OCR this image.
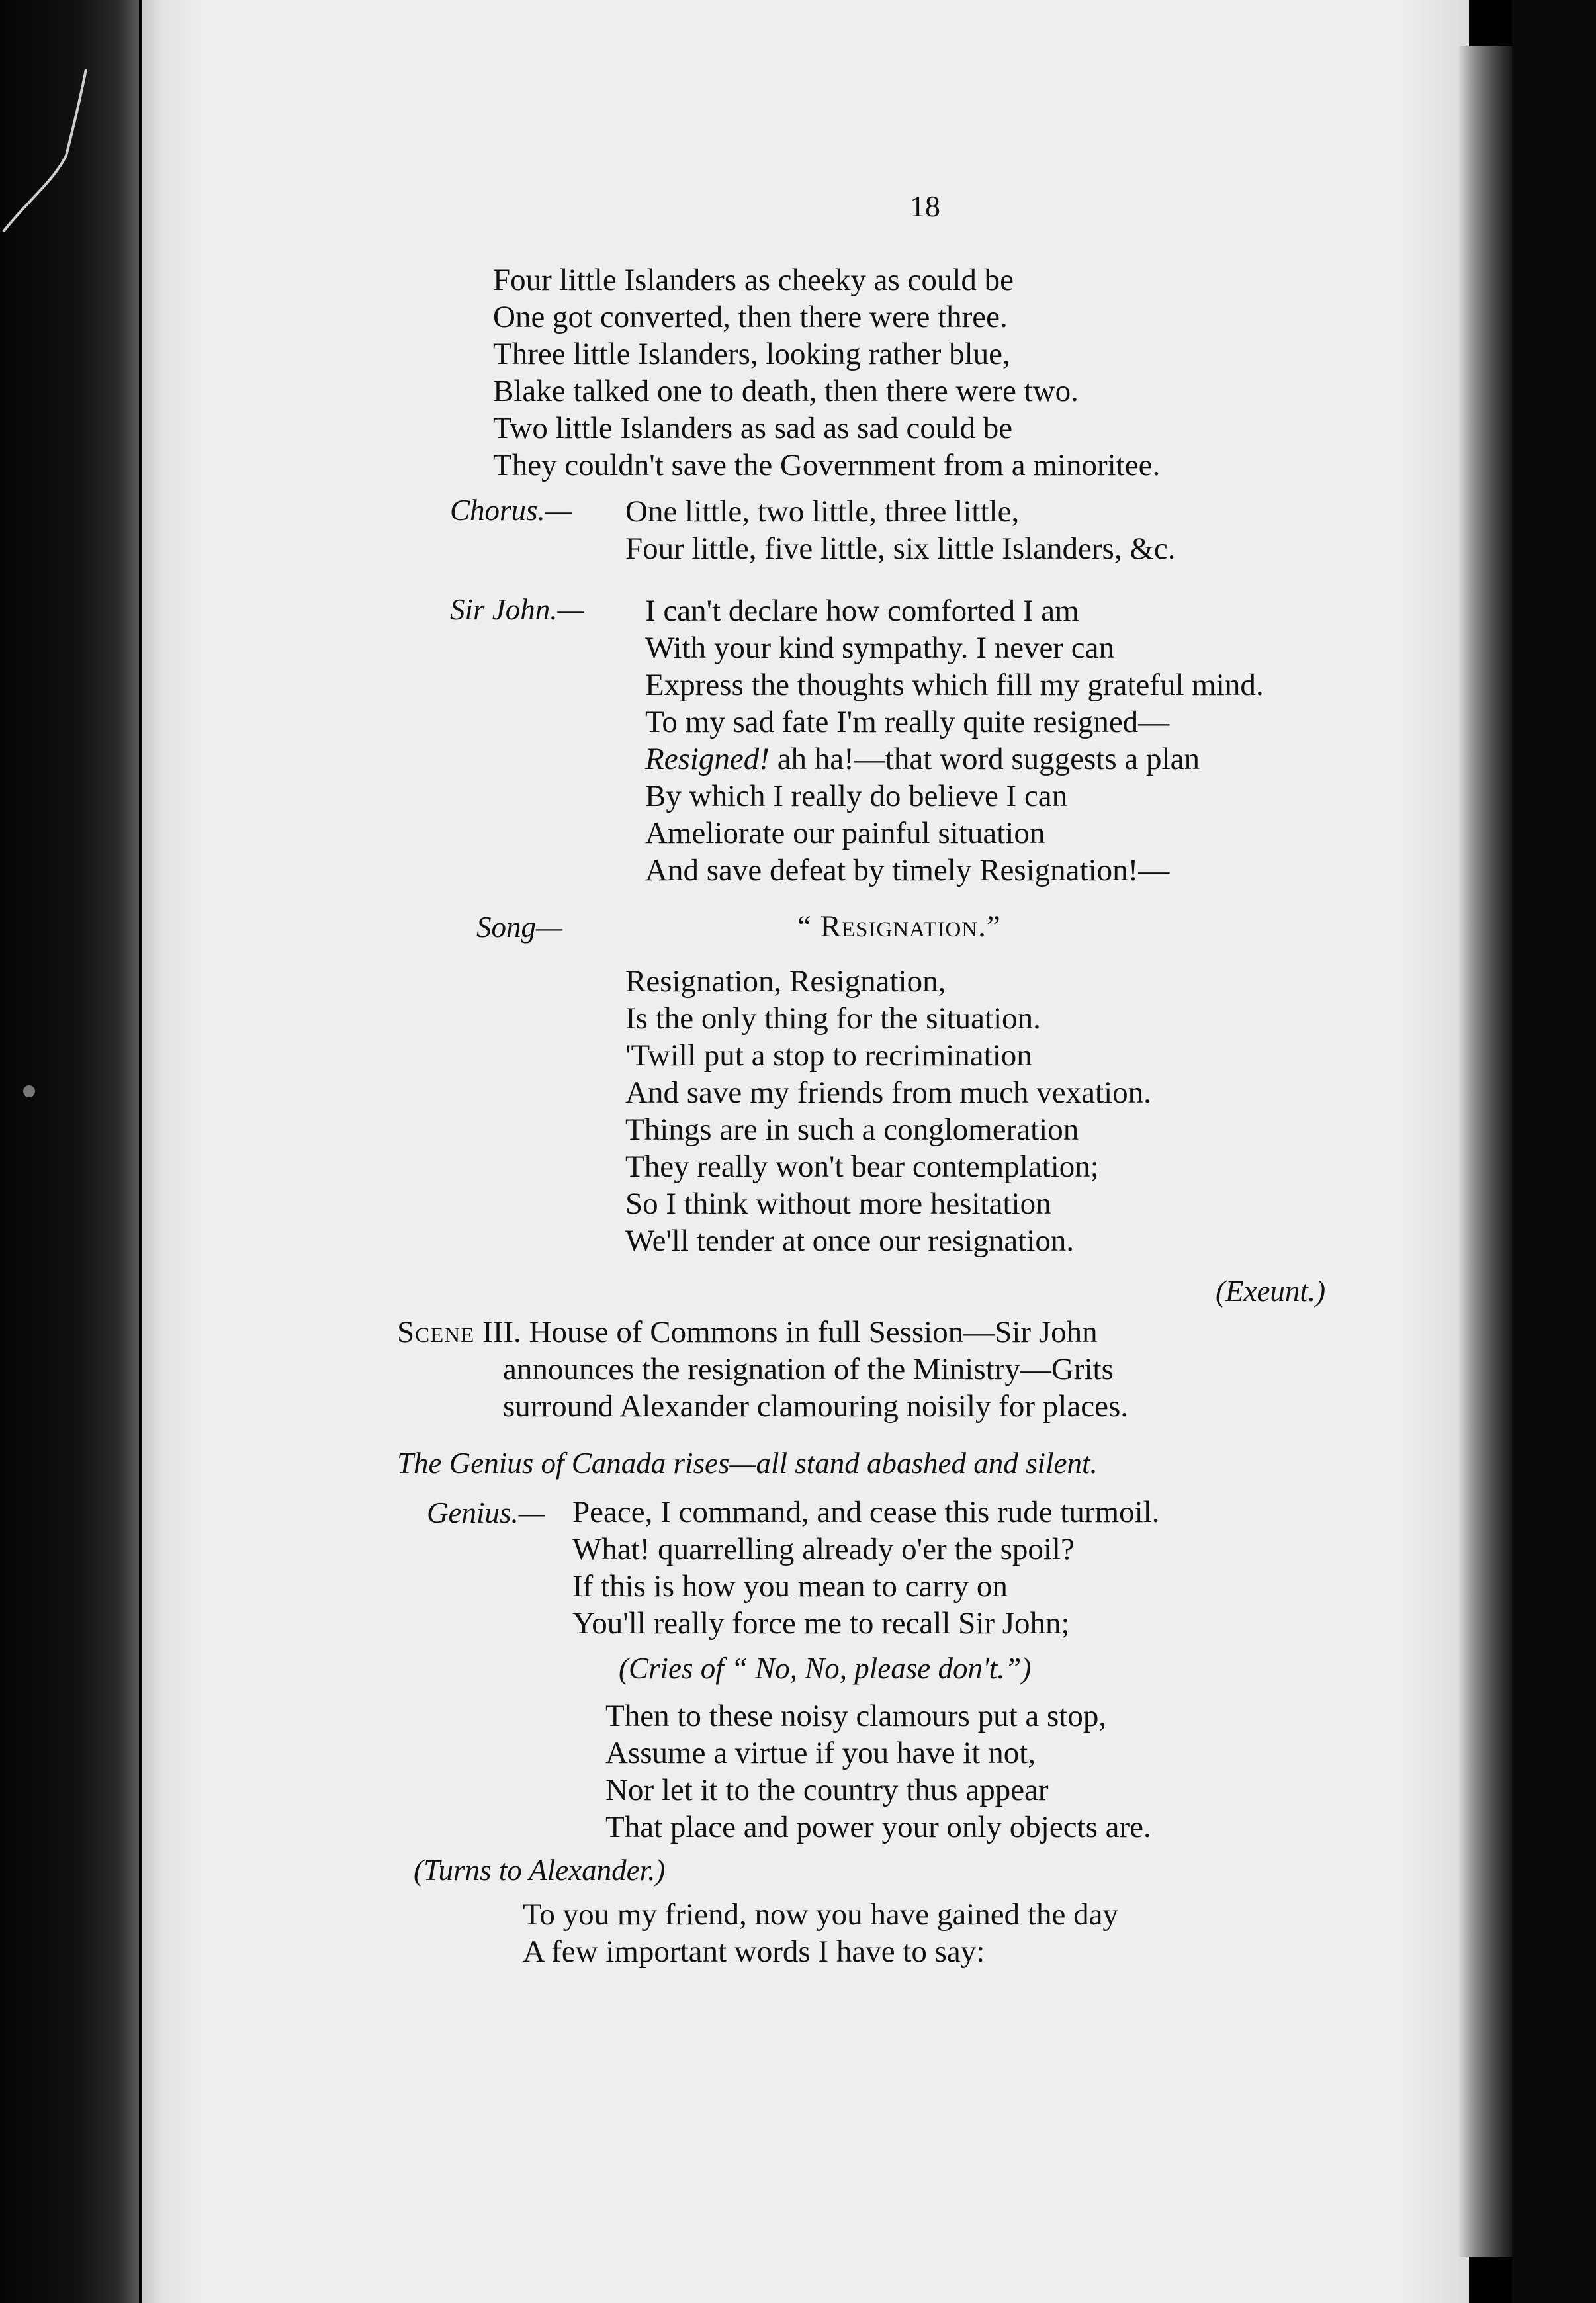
18
Four little Islanders as cheeky as could be
One got converted, then there were three.
Three little Islanders, looking rather blue,
Blake talked one to death, then there were two.
Two little Islanders as sad as sad could be
They couldn't save the Government from a minoritee.
Chorus.— One little, two little, three little,
Four little, five little, six little Islanders, &c.
Sir John.— I can't declare how comforted I am
With your kind sympathy. I never can
Express the thoughts which fill my grateful mind.
To my sad fate I'm really quite resigned—
Resigned! ah ha!—that word suggests a plan
By which I really do believe I can
Ameliorate our painful situation
And save defeat by timely Resignation!—
Song—	“ Resignation.”
Resignation, Resignation,
Is the only thing for the situation.
'Twill put a stop to recrimination
And save my friends from much vexation.
Things are in such a conglomeration
They really won't bear contemplation;
So I think without more hesitation
We'll tender at once our resignation.
(Exeunt.)
Scene III. House of Commons in full Session—Sir John
announces the resignation of the Ministry—Grits
surround Alexander clamouring noisily for places.
The Genius of Canada rises—all stand abashed and silent.
Genius.— Peace, I command, and cease this rude turmoil.
What! quarrelling already o'er the spoil?
If this is how you mean to carry on
You'll really force me to recall Sir John;
(Cries of “ No, No, please don't.”)
Then to these noisy clamours put a stop,
Assume a virtue if you have it not,
Nor let it to the country thus appear
That place and power your only objects are.
(Turns to Alexander.)
To you my friend, now you have gained the day
A few important words I have to say:
